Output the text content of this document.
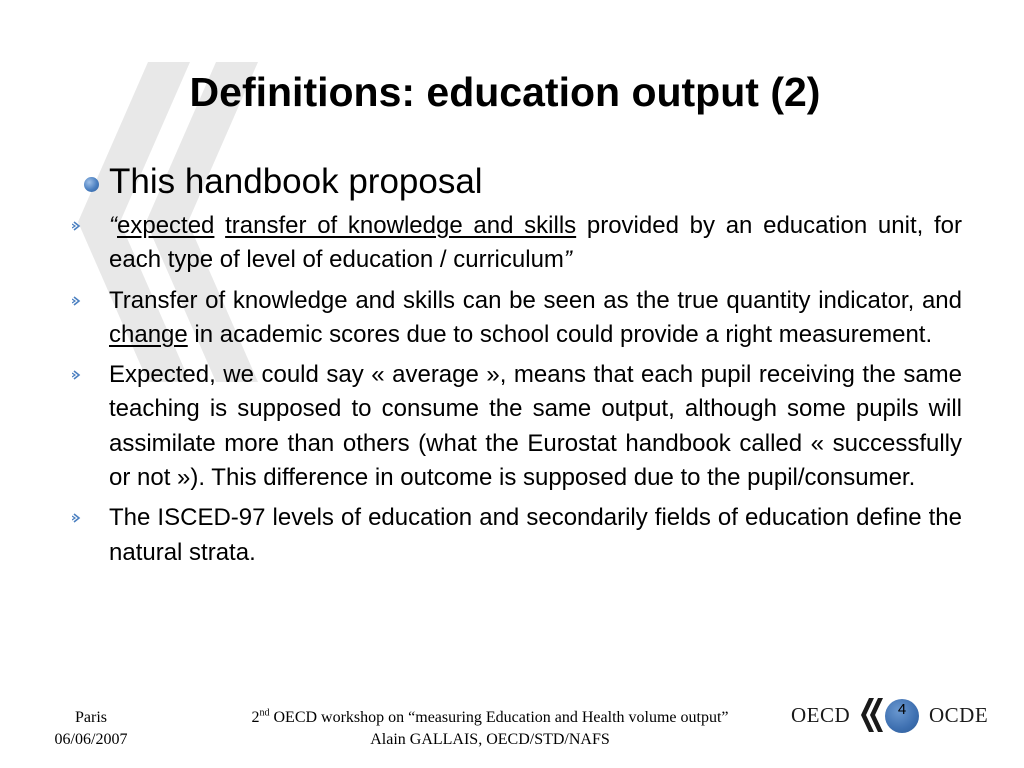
Definitions: education output (2)
This handbook proposal
“expected transfer of knowledge and skills provided by an education unit, for each type of level of education / curriculum”
Transfer of knowledge and skills can be seen as the true quantity indicator, and change in academic scores due to school could provide a right measurement.
Expected, we could say « average », means that each pupil receiving the same teaching is supposed to consume the same output, although some pupils will assimilate more than others (what the Eurostat handbook called « successfully or not »). This difference in outcome is supposed due to the pupil/consumer.
The ISCED-97 levels of education and secondarily fields of education define the natural strata.
Paris
06/06/2007
2nd OECD workshop on “measuring Education and Health volume output”
Alain GALLAIS, OECD/STD/NAFS
OECD	4	OCDE
